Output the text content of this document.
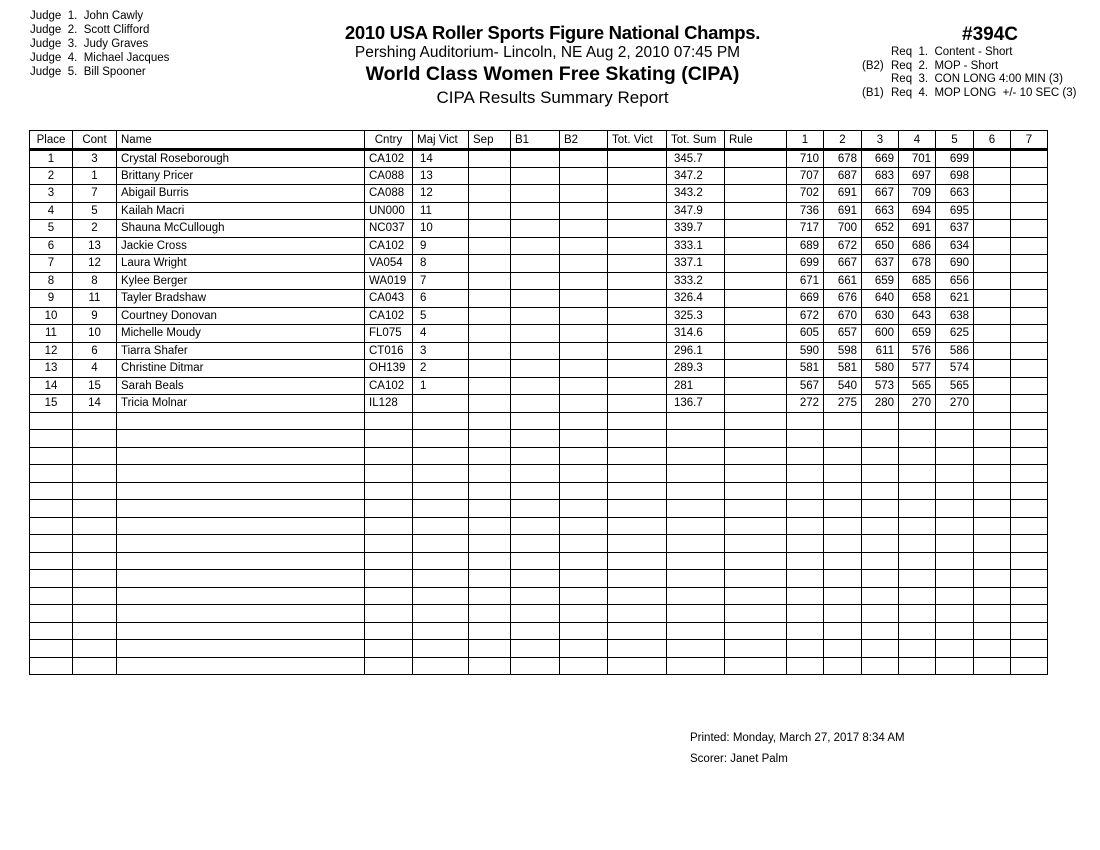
Judge  1. John Cawly
Judge  2. Scott Clifford
Judge  3. Judy Graves
Judge  4. Michael Jacques
Judge  5. Bill Spooner
2010 USA Roller Sports Figure National Champs.
Pershing Auditorium- Lincoln, NE Aug 2, 2010 07:45 PM
World Class Women Free Skating (CIPA)
CIPA Results Summary Report
#394C
Req  1.  Content - Short
(B2) Req  2.  MOP - Short
Req  3.  CON LONG 4:00 MIN (3)
(B1) Req  4.  MOP LONG  +/- 10 SEC (3)
Place	Cont	Name	Cntry	Maj Vict	Sep	B1	B2	Tot. Vict	Tot. Sum	Rule	1	2	3	4	5	6	7
1	3	Crystal Roseborough	CA102	14					345.7		710	678	669	701	699		
2	1	Brittany Pricer	CA088	13					347.2		707	687	683	697	698		
3	7	Abigail Burris	CA088	12					343.2		702	691	667	709	663		
4	5	Kailah Macri	UN000	11					347.9		736	691	663	694	695		
5	2	Shauna McCullough	NC037	10					339.7		717	700	652	691	637		
6	13	Jackie Cross	CA102	9					333.1		689	672	650	686	634		
7	12	Laura Wright	VA054	8					337.1		699	667	637	678	690		
8	8	Kylee Berger	WA019	7					333.2		671	661	659	685	656		
9	11	Tayler Bradshaw	CA043	6					326.4		669	676	640	658	621		
10	9	Courtney Donovan	CA102	5					325.3		672	670	630	643	638		
11	10	Michelle Moudy	FL075	4					314.6		605	657	600	659	625		
12	6	Tiarra Shafer	CT016	3					296.1		590	598	611	576	586		
13	4	Christine Ditmar	OH139	2					289.3		581	581	580	577	574		
14	15	Sarah Beals	CA102	1					281		567	540	573	565	565		
15	14	Tricia Molnar	IL128						136.7		272	275	280	270	270		

Printed: Monday, March 27, 2017 8:34 AM
Scorer: Janet Palm
